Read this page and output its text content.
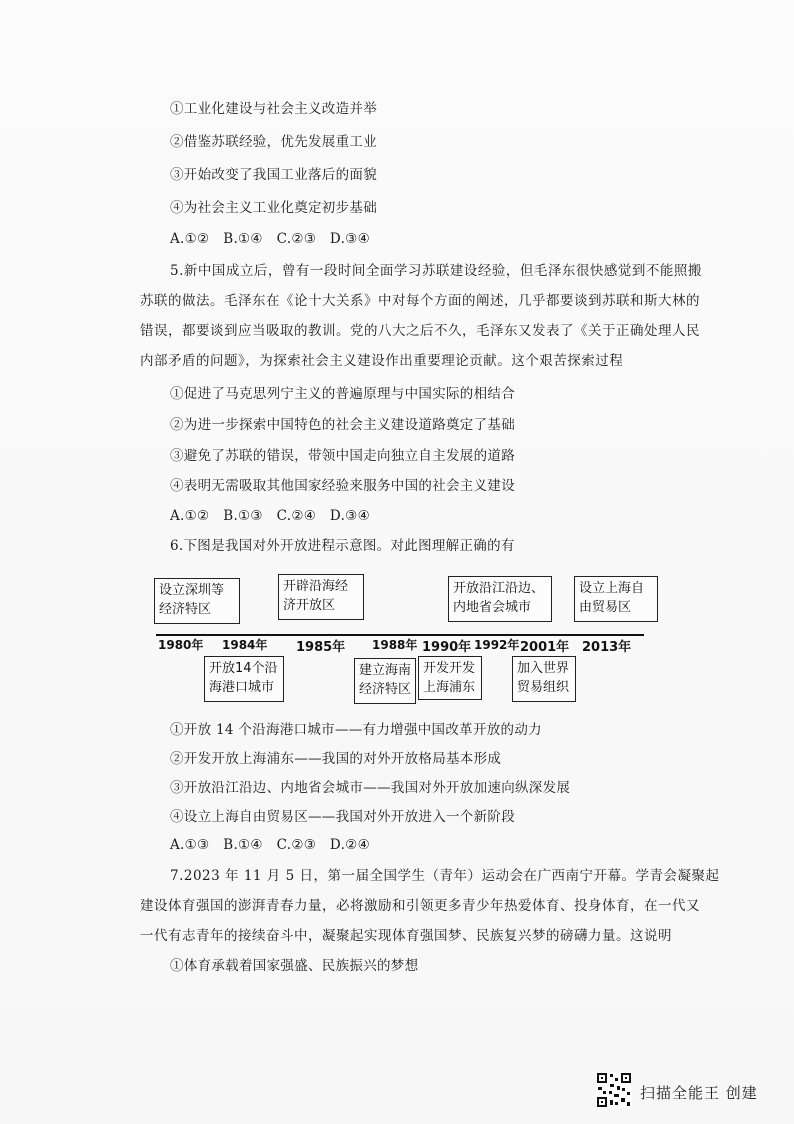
①工业化建设与社会主义改造并举
②借鉴苏联经验，优先发展重工业
③开始改变了我国工业落后的面貌
④为社会主义工业化奠定初步基础
A.①②   B.①④   C.②③   D.③④
5.新中国成立后，曾有一段时间全面学习苏联建设经验，但毛泽东很快感觉到不能照搬
苏联的做法。毛泽东在《论十大关系》中对每个方面的阐述，几乎都要谈到苏联和斯大林的
错误，都要谈到应当吸取的教训。党的八大之后不久，毛泽东又发表了《关于正确处理人民
内部矛盾的问题》，为探索社会主义建设作出重要理论贡献。这个艰苦探索过程
①促进了马克思列宁主义的普遍原理与中国实际的相结合
②为进一步探索中国特色的社会主义建设道路奠定了基础
③避免了苏联的错误，带领中国走向独立自主发展的道路
④表明无需吸取其他国家经验来服务中国的社会主义建设
A.①②   B.①③   C.②④   D.③④
6.下图是我国对外开放进程示意图。对此图理解正确的有
设立深圳等
经济特区
开辟沿海经
济开放区
开放沿江沿边、
内地省会城市
设立上海自
由贸易区
1980年 1984年 1985年 1988年 1990年 1992年 2001年 2013年
开放14个沿
海港口城市
建立海南
经济特区
开发开发
上海浦东
加入世界
贸易组织
①开放 14 个沿海港口城市——有力增强中国改革开放的动力
②开发开放上海浦东——我国的对外开放格局基本形成
③开放沿江沿边、内地省会城市——我国对外开放加速向纵深发展
④设立上海自由贸易区——我国对外开放进入一个新阶段
A.①③   B.①④   C.②③   D.②④
7.2023 年 11 月 5 日，第一届全国学生（青年）运动会在广西南宁开幕。学青会凝聚起
建设体育强国的澎湃青春力量，必将激励和引领更多青少年热爱体育、投身体育，在一代又
一代有志青年的接续奋斗中，凝聚起实现体育强国梦、民族复兴梦的磅礴力量。这说明
①体育承载着国家强盛、民族振兴的梦想
扫描全能王 创建
